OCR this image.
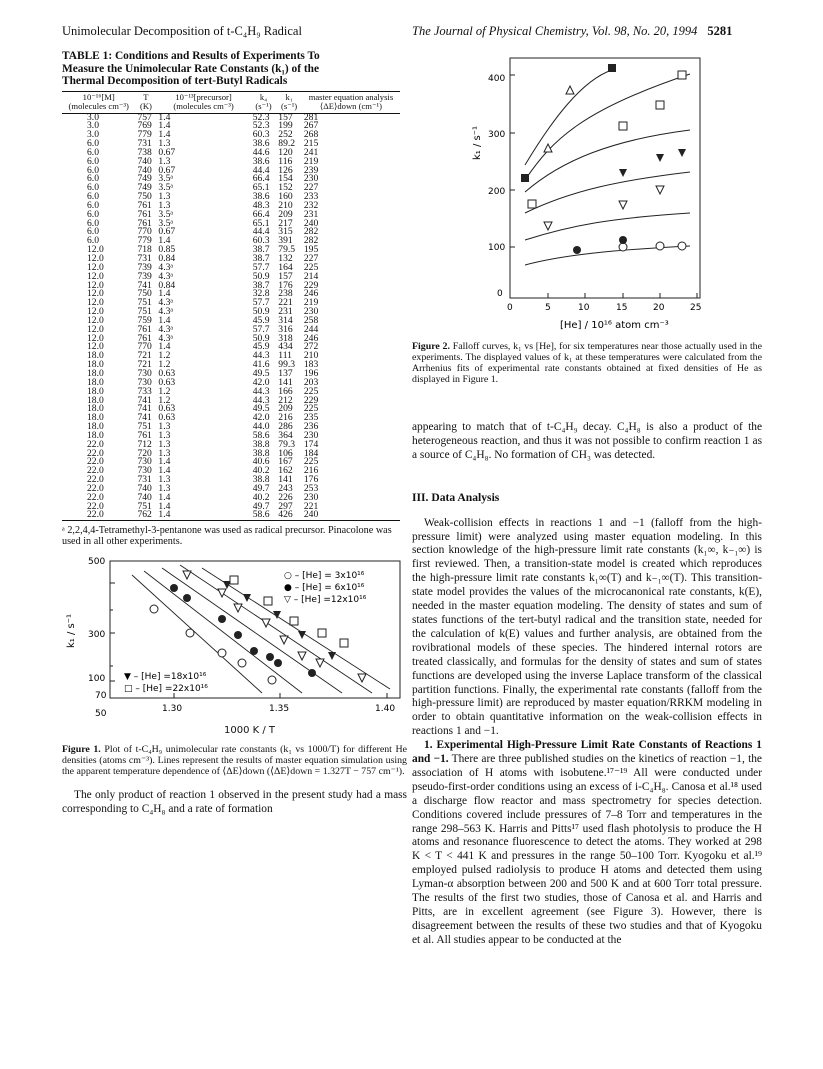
Unimolecular Decomposition of t-C₄H₉ Radical	The Journal of Physical Chemistry, Vol. 98, No. 20, 1994 5281
TABLE 1: Conditions and Results of Experiments To
Measure the Unimolecular Rate Constants (k₁) of the
Thermal Decomposition of tert-Butyl Radicals
10⁻¹⁶[M] (molecules cm⁻³)	T (K)	10⁻¹³[precursor] (molecules cm⁻³)	k₄ (s⁻¹)	k₁ (s⁻¹)	master equation analysis ⟨ΔE⟩down (cm⁻¹)
3.0	757	1.4	52.3	157	281
3.0	769	1.4	52.3	199	267
3.0	779	1.4	60.3	252	268
6.0	731	1.3	38.6	89.2	215
6.0	738	0.67	44.6	120	241
6.0	740	1.3	38.6	116	219
6.0	740	0.67	44.4	126	239
6.0	749	3.5ᵃ	66.4	154	230
6.0	749	3.5ᵃ	65.1	152	227
6.0	750	1.3	38.6	160	233
6.0	761	1.3	48.3	210	232
6.0	761	3.5ᵃ	66.4	209	231
6.0	761	3.5ᵃ	65.1	217	240
6.0	770	0.67	44.4	315	282
6.0	779	1.4	60.3	391	282
12.0	718	0.85	38.7	79.5	195
12.0	731	0.84	38.7	132	227
12.0	739	4.3ᵃ	57.7	164	225
12.0	739	4.3ᵃ	50.9	157	214
12.0	741	0.84	38.7	176	229
12.0	750	1.4	32.8	238	246
12.0	751	4.3ᵃ	57.7	221	219
12.0	751	4.3ᵃ	50.9	231	230
12.0	759	1.4	45.9	314	258
12.0	761	4.3ᵃ	57.7	316	244
12.0	761	4.3ᵃ	50.9	318	246
12.0	770	1.4	45.9	434	272
18.0	721	1.2	44.3	111	210
18.0	721	1.2	41.6	99.3	183
18.0	730	0.63	49.5	137	196
18.0	730	0.63	42.0	141	203
18.0	733	1.2	44.3	166	225
18.0	741	1.2	44.3	212	229
18.0	741	0.63	49.5	209	225
18.0	741	0.63	42.0	216	235
18.0	751	1.3	44.0	286	236
18.0	761	1.3	58.6	364	230
22.0	712	1.3	38.8	79.3	174
22.0	720	1.3	38.8	106	184
22.0	730	1.4	40.6	167	225
22.0	730	1.4	40.2	162	216
22.0	731	1.3	38.8	141	176
22.0	740	1.3	49.7	243	253
22.0	740	1.4	40.2	226	230
22.0	751	1.4	49.7	297	221
22.0	762	1.4	58.6	426	240
ᵃ 2,2,4,4-Tetramethyl-3-pentanone was used as radical precursor. Pinacolone was used in all other experiments.
500
300
100
70
50	1.30	1.35	1.40
○ – [He] = 3x10¹⁶
● – [He] = 6x10¹⁶
▽ – [He] =12x10¹⁶
▼ – [He] =18x10¹⁶
□ – [He] =22x10¹⁶
k₁ / s⁻¹
1000 K / T
Figure 1. Plot of t-C₄H₉ unimolecular rate constants (k₁ vs 1000/T) for different He densities (atoms cm⁻³). Lines represent the results of master equation simulation using the apparent temperature dependence of ⟨ΔE⟩down (⟨ΔE⟩down = 1.327T − 757 cm⁻¹).

The only product of reaction 1 observed in the present study had a mass corresponding to C₄H₈ and a rate of formation

400
300
200
100
0
0	5	10	15	20	25
k₁ / s⁻¹
[He] / 10¹⁶ atom cm⁻³
Figure 2. Falloff curves, k₁ vs [He], for six temperatures near those actually used in the experiments. The displayed values of k₁ at these temperatures were calculated from the Arrhenius fits of experimental rate constants obtained at fixed densities of He as displayed in Figure 1.

appearing to match that of t-C₄H₉ decay. C₄H₈ is also a product of the heterogeneous reaction, and thus it was not possible to confirm reaction 1 as a source of C₄H₈. No formation of CH₃ was detected.

III. Data Analysis

Weak-collision effects in reactions 1 and −1 (falloff from the high-pressure limit) were analyzed using master equation modeling. In this section knowledge of the high-pressure limit rate constants (k₁∞, k₋₁∞) is first reviewed. Then, a transition-state model is created which reproduces the high-pressure limit rate constants k₁∞(T) and k₋₁∞(T). This transition-state model provides the values of the microcanonical rate constants, k(E), needed in the master equation modeling. The density of states and sum of states functions of the tert-butyl radical and the transition state, needed for the calculation of k(E) values and further analysis, are obtained from the rovibrational models of these species. The hindered internal rotors are treated classically, and formulas for the density of states and sum of states functions are developed using the inverse Laplace transform of the classical partition functions. Finally, the experimental rate constants (falloff from the high-pressure limit) are reproduced by master equation/RRKM modeling in order to obtain quantitative information on the weak-collision effects in reactions 1 and −1.

1. Experimental High-Pressure Limit Rate Constants of Reactions 1 and −1. There are three published studies on the kinetics of reaction −1, the association of H atoms with isobutene.¹⁷⁻¹⁹ All were conducted under pseudo-first-order conditions using an excess of i-C₄H₈. Canosa et al.¹⁸ used a discharge flow reactor and mass spectrometry for species detection. Conditions covered include pressures of 7–8 Torr and temperatures in the range 298–563 K. Harris and Pitts¹⁷ used flash photolysis to produce the H atoms and resonance fluorescence to detect the atoms. They worked at 298 K < T < 441 K and pressures in the range 50–100 Torr. Kyogoku et al.¹⁹ employed pulsed radiolysis to produce H atoms and detected them using Lyman-α absorption between 200 and 500 K and at 600 Torr total pressure. The results of the first two studies, those of Canosa et al. and Harris and Pitts, are in excellent agreement (see Figure 3). However, there is disagreement between the results of these two studies and that of Kyogoku et al. All studies appear to be conducted at the
